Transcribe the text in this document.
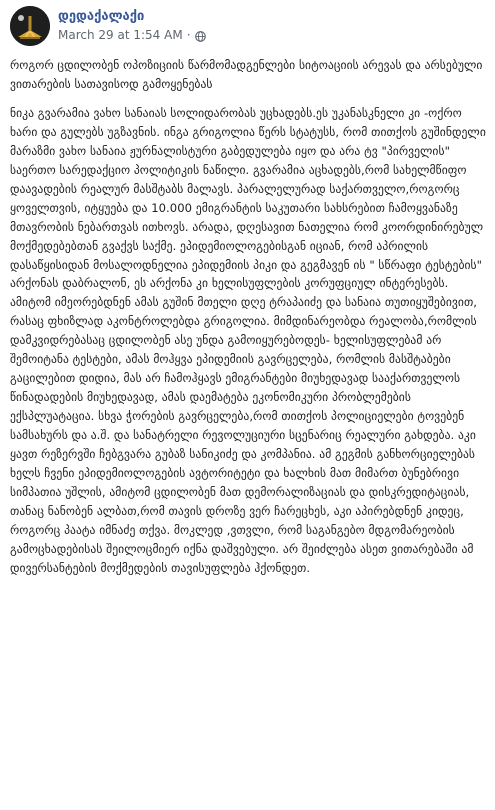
დედაქალაქი
March 29 at 1:54 AM ·

როგორ ცდილობენ ოპოზიციის წარმომადგენლები სიტოაციის არევას და არსებული ვითარების სათავისოდ გამოყენებას

ნიკა გვარამია ვახო სანაიას სოლიდარობას უცხადებს.ეს უკანასკნელი კი -ოქრო ხარი და გულებს უგზავნის. ინგა გრიგოლია წერს სტატუსს, რომ თითქოს გუშინდელი მარაზმი ვახო სანაია ჟურნალისტური გაბედულება იყო და არა ტვ "პირველის" საერთო სარედაქციო პოლიტიკის ნაწილი. გვარამია აცხადებს,რომ სახელმწიფო დაავადების რეალურ მასშტაბს მალავს. პარალელურად საქართველო,როგორც ყოველთვის, იტყუება და 10.000 ემიგრანტის საკუთარი სახსრებით ჩამოყვანაზე მთავრობის ნებართვას ითხოვს. არადა, დღესავით ნათელია რომ კოორდინირებულ მოქმედებებთან გვაქვს საქმე. ეპიდემიოლოგებისგან იციან, რომ აპრილის დასაწყისიდან მოსალოდნელია ეპიდემიის პიკი და გეგმავენ ის " სწრაფი ტესტების" არქონას დაბრალონ, ეს არქონა კი ხელისუფლების კორუფციულ ინტერესებს. ამიტომ იმეორებდნენ ამას გუშინ მთელი დღე ტრაპაიძე და სანაია თუთიყუშებივით, რასაც ფხიზლად აკონტროლებდა გრიგოლია. მიმდინარეობდა რეალობა,რომლის დამკვიდრებასაც ცდილობენ ასე უნდა გამოიყურებოდეს- ხელისუფლებამ არ შემოიტანა ტესტები, ამას მოჰყვა ეპიდემიის გავრცელება, რომლის მასშტაბები გაცილებით დიდია, მას არ ჩამოჰყავს ემიგრანტები მიუხედავად სააქართველოს წინადადების მიუხედავად, ამას დაემატება ეკონომიკური პრობლემების ექსპლუატაცია. სხვა ჭორების გავრცელება,რომ თითქოს პოლიციელები ტოვებენ სამსახურს და ა.შ. და სანატრელი რევოლუციური სცენარიც რეალური გახდება. აკი ყავთ რეზერვში ჩებგვარა გუბაზ სანიკიძე და კომპანია. ამ გეგმის განხორციელებას ხელს ჩვენი ეპიდემიოლოგების ავტორიტეტი და ხალხის მათ მიმართ ბუნებრივი სიმპათია უშლის, ამიტომ ცდილობენ მათ დემორალიზაციას და დისკრედიტაციას, თანაც ნანობენ ალბათ,რომ თავის დროზე ვერ ჩარეცხეს, აკი აპირებდნენ კიდეც, როგორც პაატა იმნაძე თქვა. მოკლედ ,ვთვლი, რომ საგანგებო მდგომარეობის გამოცხადებისას შეილოცმიერ იქნა დაშვებული. არ შეიძლება ასეთ ვითარებაში ამ დივერსანტების მოქმედების თავისუფლება ჰქონდეთ.
